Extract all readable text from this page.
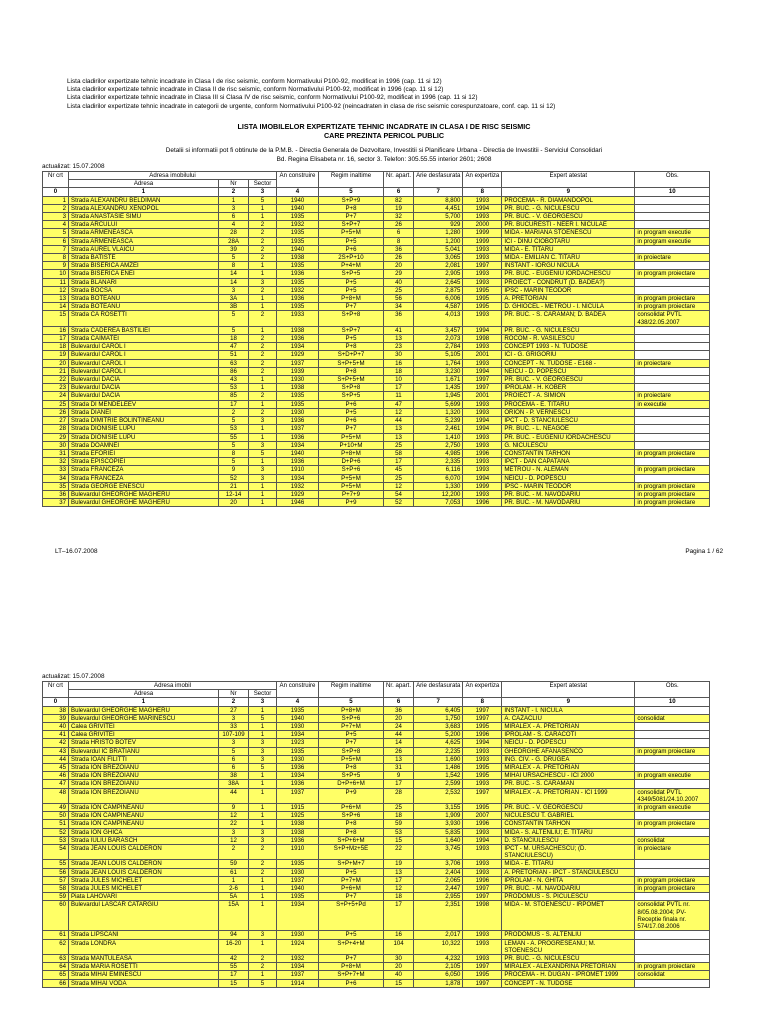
Lista cladirilor expertizate tehnic incadrate in Clasa I de risc seismic, conform Normativului P100-92, modificat in 1996 (cap. 11 si 12)
Lista cladirilor expertizate tehnic incadrate in Clasa II de risc seismic, conform Normativului P100-92, modificat in 1996 (cap. 11 si 12)
Lista cladirilor expertizate tehnic incadrate in Clasa III si Clasa IV de risc seismic, conform Normativului P100-92, modificat in 1996 (cap. 11 si 12)
Lista cladirilor expertizate tehnic incadrate in categorii de urgente, conform Normativului P100-92 (neincadraten in clasa de risc seismic corespunzatoare, conf. cap. 11 si 12)
LISTA IMOBILELOR EXPERTIZATE TEHNIC INCADRATE IN CLASA I DE RISC SEISMIC
CARE PREZINTA PERICOL PUBLIC
Detalii si informatii pot fi obtinute de la P.M.B. - Directia Generala de Dezvoltare, Investitii si Planificare Urbana - Directia de Investitii - Serviciul Consolidari
Bd. Regina Elisabeta nr. 16, sector 3. Telefon: 305.55.55 interior 2601; 2608
actualizat: 15.07.2008
Nr crt	Adresa imobilului			An construire	Regim inaltime	Nr. apart.	Arie desfasurata	An expertiza	Expert atestat	Obs.
	Adresa	Nr	Sector							
0	1	2	3	4	5	6	7	8	9	10
1	Strada ALEXANDRU BELDIMAN	1	5	1940	S+P+9	82	8,800	1993	PROCEMA - R. DIAMANDOPOL	
2	Strada ALEXANDRU XENOPOL	3	1	1940	P+8	19	4,451	1994	PR. BUC. - G. NICULESCU	
3	Strada ANASTASIE SIMU	6	1	1935	P+7	32	5,700	1993	PR. BUC. - V. GEORGESCU	
4	Strada ARCULUI	4	2	1932	S+P+7	26	929	2000	PR. BUCURESTI - NEER I. NICULAE	
5	Strada ARMENEASCA	28	2	1935	P+5+M	6	1,280	1999	MIDA - MARIANA STOENESCU	in program executie
6	Strada ARMENEASCA	28A	2	1935	P+5	8	1,200	1999	ICI - DINU CIOBOTARU	in program executie
7	Strada AUREL VLAICU	39	2	1940	P+6	36	5,041	1993	MIDA - E. TITARU	
8	Strada BATISTE	5	2	1938	2S+P+10	26	3,065	1993	MIDA - EMILIAN C. TITARU	in proiectare
9	Strada BISERICA AMZEI	8	1	1935	P+4+M	20	2,081	1997	INSTANT - IORGU NICULA	
10	Strada BISERICA ENEI	14	1	1936	S+P+5	29	2,905	1993	PR. BUC. - EUGENIU IORDACHESCU	in program proiectare
11	Strada BLANARI	14	3	1935	P+5	40	2,645	1993	PROIECT - CONDRUT (D. BADEA?)	
12	Strada BOCSA	3	2	1932	P+5	25	2,875	1995	IPSC - MARIN TEODOR	
13	Strada BOTEANU	3A	1	1936	P+8+M	56	6,006	1995	A. PRETORIAN	in program proiectare
14	Strada BOTEANU	3B	1	1935	P+7	34	4,587	1995	D. GHIOCEL - METROU - I. NICULA	in program proiectare
15	Strada CA ROSETTI	5	2	1933	S+P+8	36	4,013	1993	PR. BUC. - S. CARAMAN; D. BADEA	consolidat PVTL 438/22.05.2007
16	Strada CADEREA BASTILIEI	5	1	1938	S+P+7	41	3,457	1994	PR. BUC. - G. NICULESCU	
17	Strada CAIMATEI	18	2	1936	P+5	13	2,073	1998	ROCOM - R. VASILESCU	
18	Bulevardul CAROL I	47	2	1934	P+8	23	2,784	1993	CONCEPT 1993 - N. TUDOSE	
19	Bulevardul CAROL I	51	2	1929	S+D+P+7	30	5,105	2001	ICI - G. GRIGORIU	
20	Bulevardul CAROL I	63	2	1937	S+P+5+M	16	1,764	1993	CONCEPT - N. TUDOSE - E168 -	in proiectare
21	Bulevardul CAROL I	86	2	1939	P+8	18	3,230	1994	NEICU - D. POPESCU	
22	Bulevardul DACIA	43	1	1930	S+P+5+M	10	1,671	1997	PR. BUC. - V. GEORGESCU	
23	Bulevardul DACIA	53	1	1938	S+P+8	17	1,435	1997	IPROLAM - H. KOBER	
24	Bulevardul DACIA	85	2	1935	S+P+5	11	1,945	2001	PROIECT - A. SIMION	in proiectare
25	Strada DI MENDELEEV	17	1	1935	P+6	47	5,699	1993	PROCEMA - E. TITARU	in executie
26	Strada DIANEI	2	2	1930	P+5	12	1,320	1993	ORION - P. VERNESCU	
27	Strada DIMITRIE BOLINTINEANU	5	3	1936	P+6	44	5,239	1994	IPCT - D. STANCIULESCU	
28	Strada DIONISIE LUPU	53	1	1937	P+7	13	2,461	1994	PR. BUC. - L. NEAGOE	
29	Strada DIONISIE LUPU	55	1	1936	P+5+M	13	1,410	1993	PR. BUC. - EUGENIU IORDACHESCU	
30	Strada DOAMNEI	5	3	1934	P+10+M	25	2,750	1993	G. NICULESCU	
31	Strada EFORIEI	8	5	1940	P+8+M	58	4,985	1996	CONSTANTIN TARHON	in program proiectare
32	Strada EPISCOPIEI	5	1	1936	D+P+6	17	2,335	1993	IPCT - DAN CAPATANA	
33	Strada FRANCEZA	9	3	1910	S+P+6	45	6,116	1993	METROU - N. ALEMAN	in program proiectare
34	Strada FRANCEZA	52	3	1934	P+5+M	25	6,070	1994	NEICU - D. POPESCU	
35	Strada GEORGE ENESCU	21	1	1932	P+5+M	12	1,330	1999	IPSC - MARIN TEODOR	in program proiectare
36	Bulevardul GHEORGHE MAGHERU	12-14	1	1929	P+7+9	54	12,200	1993	PR. BUC. - M. NAVODARIU	in program proiectare
37	Bulevardul GHEORGHE MAGHERU	20	1	1946	P+9	52	7,053	1996	PR. BUC. - M. NAVODARIU	in program proiectare
LT–16.07.2008	Pagina 1 / 62
actualizat: 15.07.2008
Nr crt	Adresa imobil			An construire	Regim inaltime	Nr. apart.	Arie desfasurata	An expertiza	Expert atestat	Obs.
	Adresa	Nr	Sector							
0	1	2	3	4	5	6	7	8	9	10
38	Bulevardul GHEORGHE MAGHERU	27	1	1935	P+8+M	36	6,405	1997	INSTANT - I. NICULA	
39	Bulevardul GHEORGHE MARINESCU	3	5	1940	S+P+6	20	1,750	1997	A. CAZACLIU	consolidat
40	Calea GRIVITEI	33	1	1930	P+7+M	24	3,683	1995	MIRALEX - A. PRETORIAN	
41	Calea GRIVITEI	107-109	1	1934	P+5	44	5,200	1996	IPROLAM - S. CARACOTI	
42	Strada HRISTO BOTEV	3	3	1923	P+7	14	4,625	1994	NEICU - D. POPESCU	
43	Bulevardul IC BRATIANU	5	3	1935	S+P+8	26	2,235	1993	GHEORGHE AFANASENCO	in program proiectare
44	Strada IOAN FILITTI	6	3	1930	P+5+M	13	1,690	1993	ING. CIV. - G. DRUGEA	
45	Strada ION BREZOIANU	6	5	1936	P+8	31	1,486	1995	MIRALEX - A. PRETORIAN	
46	Strada ION BREZOIANU	38	1	1934	S+P+5	9	1,542	1995	MIHAI URSACHESCU - ICI 2000	in program executie
47	Strada ION BREZOIANU	38A	1	1936	D+P+6+M	17	2,599	1993	PR. BUC. - S. CARAMAN	
48	Strada ION BREZOIANU	44	1	1937	P+9	28	2,532	1997	MIRALEX - A. PRETORIAN - ICI 1999	consolidat PVTL 4349/5081/24.10.2007
49	Strada ION CAMPINEANU	9	1	1915	P+6+M	25	3,155	1995	PR. BUC. - V. GEORGESCU	in program executie
50	Strada ION CAMPINEANU	12	1	1925	S+P+6	18	1,909	2007	NICULESCU T. GABRIEL	
51	Strada ION CAMPINEANU	22	1	1938	P+8	59	3,930	1996	CONSTANTIN TARHON	in program proiectare
52	Strada ION GHICA	3	3	1938	P+8	53	5,835	1993	MIDA - S. ALTENLIU; E. TITARU	
53	Strada IULIU BARASCH	12	3	1936	S+P+6+M	15	1,640	1994	D. STANCIULESCU	consolidat
54	Strada JEAN LOUIS CALDERON	2	2	1910	S+P+Mz+5E	22	3,745	1993	IPCT - M. URSACHESCU; (D. STANCIULESCU)	in proiectare
55	Strada JEAN LOUIS CALDERON	59	2	1935	S+P+M+7	19	3,706	1993	MIDA - E. TITARU	
56	Strada JEAN LOUIS CALDERON	61	2	1930	P+5	13	2,404	1993	A. PRETORIAN - IPCT - STANCIULESCU	
57	Strada JULES MICHELET	1	1	1937	P+7+M	17	2,065	1996	IPROLAM - N. GHITA	in program proiectare
58	Strada JULES MICHELET	2-6	1	1940	P+6+M	12	2,447	1997	PR. BUC. - M. NAVODARIU	in program proiectare
59	Piata LAHOVARI	5A	1	1935	P+7	18	2,955	1997	PRODOMUS - S. PICULESCU	
60	Bulevardul LASCAR CATARGIU	15A	1	1934	S+P+5+Pd	17	2,351	1998	MIDA - M. STOENESCU - IRPOMET	consolidat PVTL nr. 8/05.08.2004; PV-Receptie finala nr. 574/17.08.2006
61	Strada LIPSCANI	94	3	1930	P+5	16	2,017	1993	PRODOMUS - S. ALTENLIU	
62	Strada LONDRA	16-20	1	1924	S+P+4+M	104	10,322	1993	LEMAN - A. PROGRESEANU; M. STOENESCU	
63	Strada MANTULEASA	42	2	1932	P+7	30	4,232	1993	PR. BUC. - G. NICULESCU	
64	Strada MARIA ROSETTI	55	2	1934	P+8+M	20	2,105	1997	MIRALEX - ALEXANDRINA PRETORIAN	in program proiectare
65	Strada MIHAI EMINESCU	17	1	1937	S+P+7+M	40	6,050	1995	PROCEMA - H. DUGAN - IPROMET 1999	consolidat
66	Strada MIHAI VODA	15	5	1914	P+6	15	1,878	1997	CONCEPT - N. TUDOSE	
